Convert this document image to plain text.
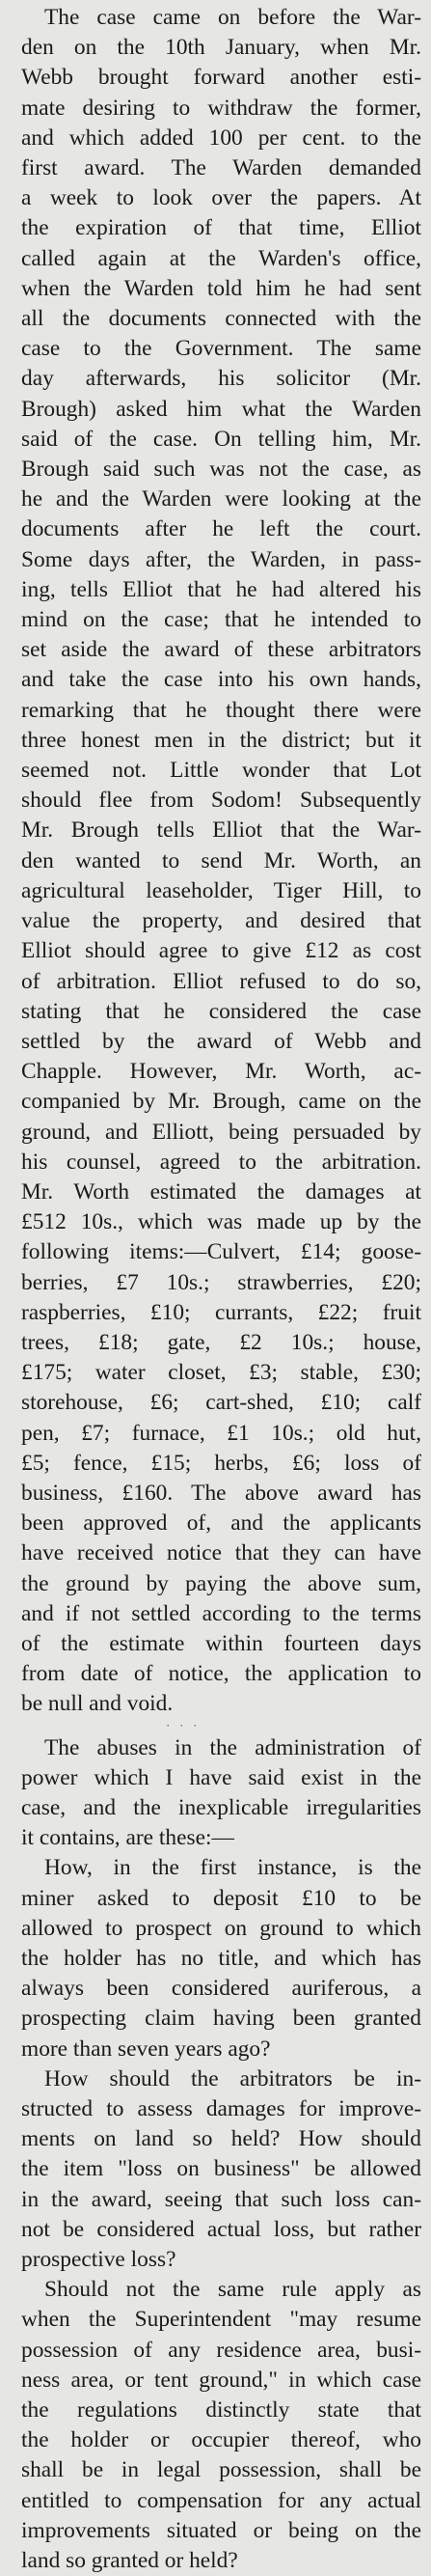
The case came on before the War-

den on the 10th January, when Mr.

Webb brought forward another esti-

mate desiring to withdraw the former,

and which added 100 per cent. to the

first award. The Warden demanded

a week to look over the papers. At

the expiration of that time, Elliot

called again at the Warden's office,

when the Warden told him he had sent

all the documents connected with the

case to the Government. The same

day afterwards, his solicitor (Mr.

Brough) asked him what the Warden

said of the case. On telling him, Mr.

Brough said such was not the case, as

he and the Warden were looking at the

documents after he left the court.

Some days after, the Warden, in pass-

ing, tells Elliot that he had altered his

mind on the case; that he intended to

set aside the award of these arbitrators

and take the case into his own hands,

remarking that he thought there were

three honest men in the district; but it

seemed not. Little wonder that Lot

should flee from Sodom! Subsequently

Mr. Brough tells Elliot that the War-

den wanted to send Mr. Worth, an

agricultural leaseholder, Tiger Hill, to

value the property, and desired that

Elliot should agree to give £12 as cost

of arbitration. Elliot refused to do so,

stating that he considered the case

settled by the award of Webb and

Chapple. However, Mr. Worth, ac-

companied by Mr. Brough, came on the

ground, and Elliott, being persuaded by

his counsel, agreed to the arbitration.

Mr. Worth estimated the damages at

£512 10s., which was made up by the

following items:—Culvert, £14; goose-

berries, £7 10s.; strawberries, £20;

raspberries, £10; currants, £22; fruit

trees, £18; gate, £2 10s.; house,

£175; water closet, £3; stable, £30;

storehouse, £6; cart-shed, £10; calf

pen, £7; furnace, £1 10s.; old hut,

£5; fence, £15; herbs, £6; loss of

business, £160. The above award has

been approved of, and the applicants

have received notice that they can have

the ground by paying the above sum,

and if not settled according to the terms

of the estimate within fourteen days

from date of notice, the application to

be null and void.

·   ·   ·

The abuses in the administration of

power which I have said exist in the

case, and the inexplicable irregularities

it contains, are these:—

How, in the first instance, is the

miner asked to deposit £10 to be

allowed to prospect on ground to which

the holder has no title, and which has

always been considered auriferous, a

prospecting claim having been granted

more than seven years ago?

How should the arbitrators be in-

structed to assess damages for improve-

ments on land so held? How should

the item "loss on business" be allowed

in the award, seeing that such loss can-

not be considered actual loss, but rather

prospective loss?

Should not the same rule apply as

when the Superintendent "may resume

possession of any residence area, busi-

ness area, or tent ground," in which case

the regulations distinctly state that

the holder or occupier thereof, who

shall be in legal possession, shall be

entitled to compensation for any actual

improvements situated or being on the

land so granted or held?
